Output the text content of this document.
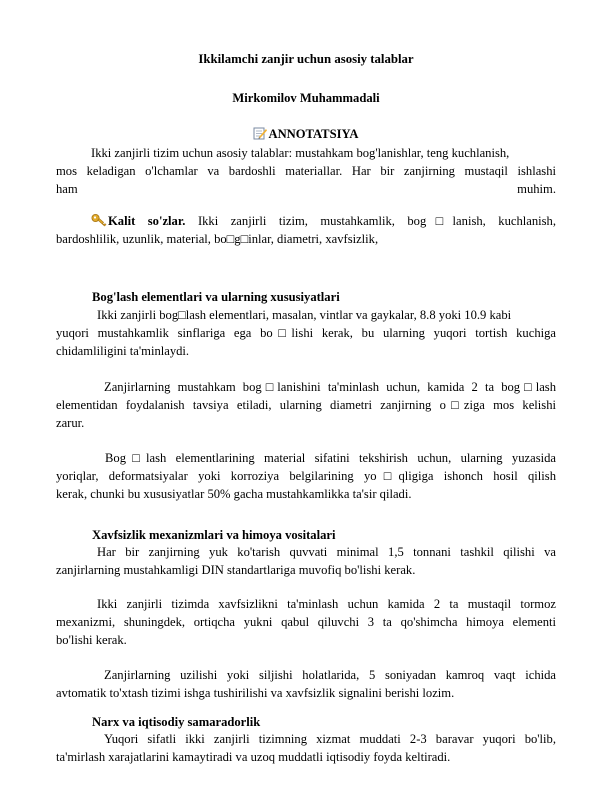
Ikkilamchi zanjir uchun asosiy talablar
Mirkomilov Muhammadali
ANNOTATSIYA
Ikki zanjirli tizim uchun asosiy talablar: mustahkam bog'lanishlar, teng kuchlanish,
mos keladigan o'lchamlar va bardoshli materiallar. Har bir zanjirning mustaqil ishlashi
ham	muhim.
Kalit so'zlar. Ikki zanjirli tizim, mustahkamlik, bog□lanish, kuchlanish,
bardoshlilik, uzunlik, material, bo□g□inlar, diametri, xavfsizlik,
Bog'lash elementlari va ularning xususiyatlari
Ikki zanjirli bog□lash elementlari, masalan, vintlar va gaykalar, 8.8 yoki 10.9 kabi
yuqori mustahkamlik sinflariga ega bo□lishi kerak, bu ularning yuqori tortish kuchiga
chidamliligini ta'minlaydi.
Zanjirlarning mustahkam bog□lanishini ta'minlash uchun, kamida 2 ta bog□lash
elementidan foydalanish tavsiya etiladi, ularning diametri zanjirning o□ziga mos kelishi
zarur.
Bog□lash elementlarining material sifatini tekshirish uchun, ularning yuzasida
yoriqlar, deformatsiyalar yoki korroziya belgilarining yo□qligiga ishonch hosil qilish
kerak, chunki bu xususiyatlar 50% gacha mustahkamlikka ta'sir qiladi.
Xavfsizlik mexanizmlari va himoya vositalari
Har bir zanjirning yuk ko'tarish quvvati minimal 1,5 tonnani tashkil qilishi va
zanjirlarning mustahkamligi DIN standartlariga muvofiq bo'lishi kerak.
Ikki zanjirli tizimda xavfsizlikni ta'minlash uchun kamida 2 ta mustaqil tormoz
mexanizmi, shuningdek, ortiqcha yukni qabul qiluvchi 3 ta qo'shimcha himoya elementi
bo'lishi kerak.
Zanjirlarning uzilishi yoki siljishi holatlarida, 5 soniyadan kamroq vaqt ichida
avtomatik to'xtash tizimi ishga tushirilishi va xavfsizlik signalini berishi lozim.
Narx va iqtisodiy samaradorlik
Yuqori sifatli ikki zanjirli tizimning xizmat muddati 2-3 baravar yuqori bo'lib,
ta'mirlash xarajatlarini kamaytiradi va uzoq muddatli iqtisodiy foyda keltiradi.
